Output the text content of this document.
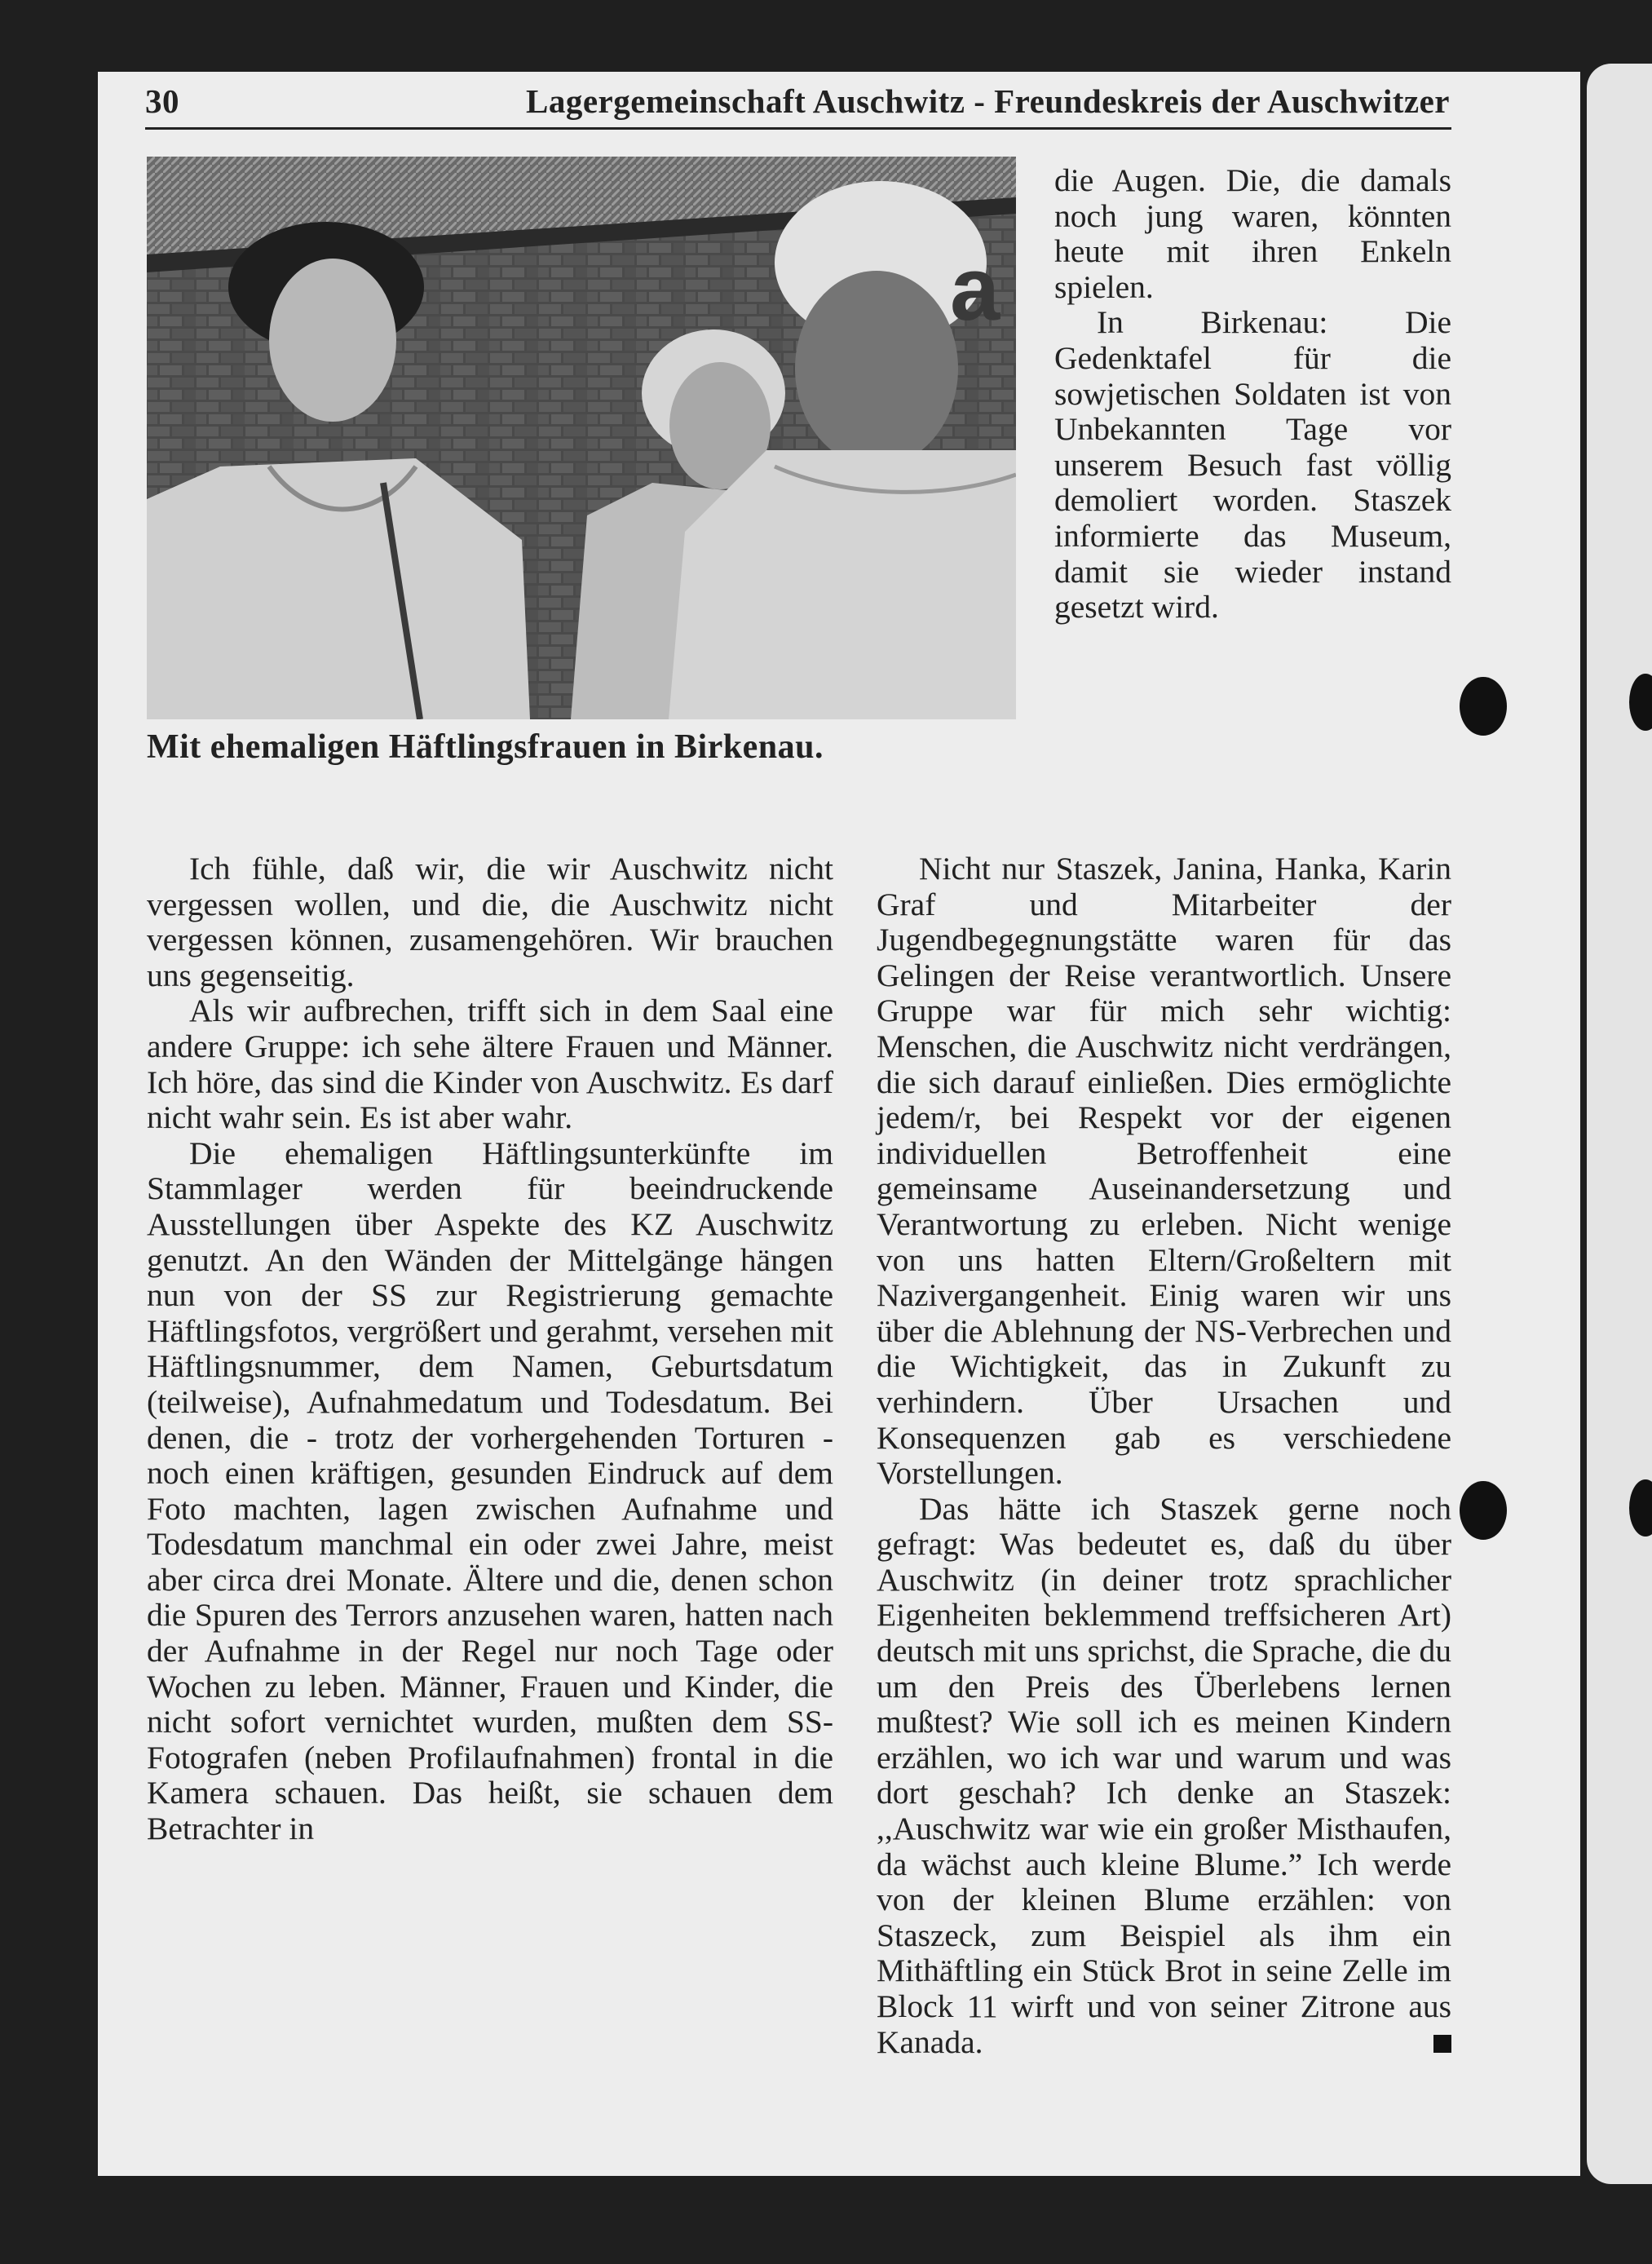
30	Lagergemeinschaft Auschwitz - Freundeskreis der Auschwitzer
a
Mit ehemaligen Häftlingsfrauen in Birkenau.

die Augen. Die, die damals noch jung waren, könnten heute mit ihren Enkeln spielen.

In Birkenau: Die Gedenktafel für die sowjetischen Soldaten ist von Unbekannten Tage vor unserem Besuch fast völlig demoliert worden. Staszek informierte das Museum, damit sie wieder instand gesetzt wird.

Ich fühle, daß wir, die wir Auschwitz nicht vergessen wollen, und die, die Auschwitz nicht vergessen können, zusamengehören. Wir brauchen uns gegenseitig.

Als wir aufbrechen, trifft sich in dem Saal eine andere Gruppe: ich sehe ältere Frauen und Männer. Ich höre, das sind die Kinder von Auschwitz. Es darf nicht wahr sein. Es ist aber wahr.

Die ehemaligen Häftlingsunterkünfte im Stammlager werden für beeindruckende Ausstellungen über Aspekte des KZ Auschwitz genutzt. An den Wänden der Mittelgänge hängen nun von der SS zur Registrierung gemachte Häftlingsfotos, vergrößert und gerahmt, versehen mit Häftlingsnummer, dem Namen, Geburtsdatum (teilweise), Aufnahmedatum und Todesdatum. Bei denen, die - trotz der vorhergehenden Torturen - noch einen kräftigen, gesunden Eindruck auf dem Foto machten, lagen zwischen Aufnahme und Todesdatum manchmal ein oder zwei Jahre, meist aber circa drei Monate. Ältere und die, denen schon die Spuren des Terrors anzusehen waren, hatten nach der Aufnahme in der Regel nur noch Tage oder Wochen zu leben. Männer, Frauen und Kinder, die nicht sofort vernichtet wurden, mußten dem SS-Fotografen (neben Profilaufnahmen) frontal in die Kamera schauen. Das heißt, sie schauen dem Betrachter in

Nicht nur Staszek, Janina, Hanka, Karin Graf und Mitarbeiter der Jugendbegegnungstätte waren für das Gelingen der Reise verantwortlich. Unsere Gruppe war für mich sehr wichtig: Menschen, die Auschwitz nicht verdrängen, die sich darauf einließen. Dies ermöglichte jedem/r, bei Respekt vor der eigenen individuellen Betroffenheit eine gemeinsame Auseinandersetzung und Verantwortung zu erleben. Nicht wenige von uns hatten Eltern/Großeltern mit Nazivergangenheit. Einig waren wir uns über die Ablehnung der NS-Verbrechen und die Wichtigkeit, das in Zukunft zu verhindern. Über Ursachen und Konsequenzen gab es verschiedene Vorstellungen.

Das hätte ich Staszek gerne noch gefragt: Was bedeutet es, daß du über Auschwitz (in deiner trotz sprachlicher Eigenheiten beklemmend treffsicheren Art) deutsch mit uns sprichst, die Sprache, die du um den Preis des Überlebens lernen mußtest? Wie soll ich es meinen Kindern erzählen, wo ich war und warum und was dort geschah? Ich denke an Staszek: ,,Auschwitz war wie ein großer Misthaufen, da wächst auch kleine Blume.” Ich werde von der kleinen Blume erzählen: von Staszeck, zum Beispiel als ihm ein Mithäftling ein Stück Brot in seine Zelle im Block 11 wirft und von seiner Zitrone aus Kanada.
